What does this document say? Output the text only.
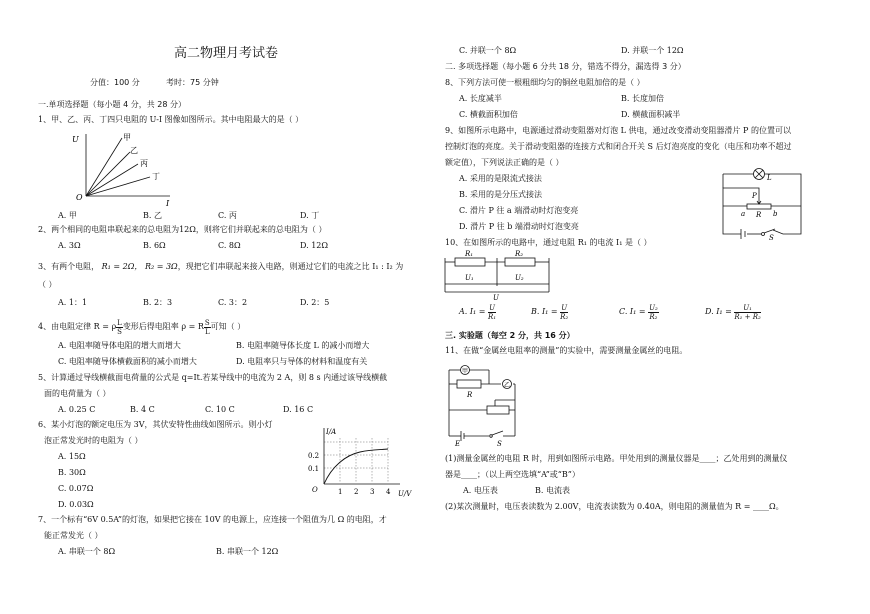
高二物理月考试卷
分值：100 分	考时：75 分钟
一.单项选择题（每小题 4 分，共 28 分）
1、甲、乙、丙、丁四只电阻的 U-I 图像如图所示。其中电阻最大的是（ ）
U
I
O
甲
乙
丙
丁
A. 甲	B. 乙	C. 丙	D. 丁
2、两个相同的电阻串联起来的总电阻为12Ω，则将它们并联起来的总电阻为（ ）
A. 3Ω	B. 6Ω	C. 8Ω	D. 12Ω
3、有两个电阻， R₁ = 2Ω， R₂ = 3Ω，现把它们串联起来接入电路，则通过它们的电流之比 I₁ : I₂ 为
（ ）
A. 1：1	B. 2：3	C. 3：2	D. 2：5
4、由电阻定律 R = ρ $\frac{L}{S}$ 变形后得电阻率 ρ = R $\frac{S}{L}$ 可知（ ）
A. 电阻率随导体电阻的增大而增大	B. 电阻率随导体长度 L 的减小而增大
C. 电阻率随导体横截面积的减小而增大	D. 电阻率只与导体的材料和温度有关
5、计算通过导线横截面电荷量的公式是 q=It.若某导线中的电流为 2 A，则 8 s 内通过该导线横截
面的电荷量为（ ）
A. 0.25 C	B. 4 C	C. 10 C	D. 16 C
6、某小灯泡的额定电压为 3V，其伏安特性曲线如图所示。则小灯
泡正常发光时的电阻为（ ）
A. 15Ω
B. 30Ω
C. 0.07Ω
D. 0.03Ω
I/A
U/V
O
0.2
0.1
1 2 3 4
7、一个标有“6V 0.5A”的灯泡，如果把它接在 10V 的电源上，应连接一个阻值为几 Ω 的电阻，才
能正常发光（ ）
A. 串联一个 8Ω	B. 串联一个 12Ω
C. 并联一个 8Ω	D. 并联一个 12Ω
二. 多项选择题（每小题 6 分共 18 分，错选不得分，漏选得 3 分）
8、下列方法可使一根粗细均匀的铜丝电阻加倍的是（ ）
A. 长度减半	B. 长度加倍
C. 横截面积加倍	D. 横截面积减半
9、如图所示电路中，电源通过滑动变阻器对灯泡 L 供电，通过改变滑动变阻器滑片 P 的位置可以
控制灯泡的亮度。关于滑动变阻器的连接方式和闭合开关 S 后灯泡亮度的变化（电压和功率不超过
额定值），下列说法正确的是（ ）
A. 采用的是限流式接法
B. 采用的是分压式接法
C. 滑片 P 往 a 端滑动时灯泡变亮
D. 滑片 P 往 b 端滑动时灯泡变亮
L
P
a R b
S
10、在如图所示的电路中，通过电阻 R₁ 的电流 I₁ 是（ ）
R₁	R₂
U₁	U₂
U
A. $I_1 = \frac{U}{\text{R₁}}$	B. $I_1 = \frac{U}{\text{R₂}}$	C. $I_1 = \frac{\text{U₂}}{\text{R₂}}$	D. $I_1 = \frac{\text{U₁}}{\text{R₁ + R₂}}$
三. 实验题（每空 2 分，共 16 分）
11、在做“金属丝电阻率的测量”的实验中，需要测量金属丝的电阻。
甲
乙
R
E	S
(1)测量金属丝的电阻 R 时，用到如图所示电路。甲处用到的测量仪器是____；乙处用到的测量仪
器是____；（以上两空选填“A”或“B”）
A. 电压表	B. 电流表
(2)某次测量时，电压表读数为 2.00V，电流表读数为 0.40A，则电阻的测量值为 R = ____Ω。
